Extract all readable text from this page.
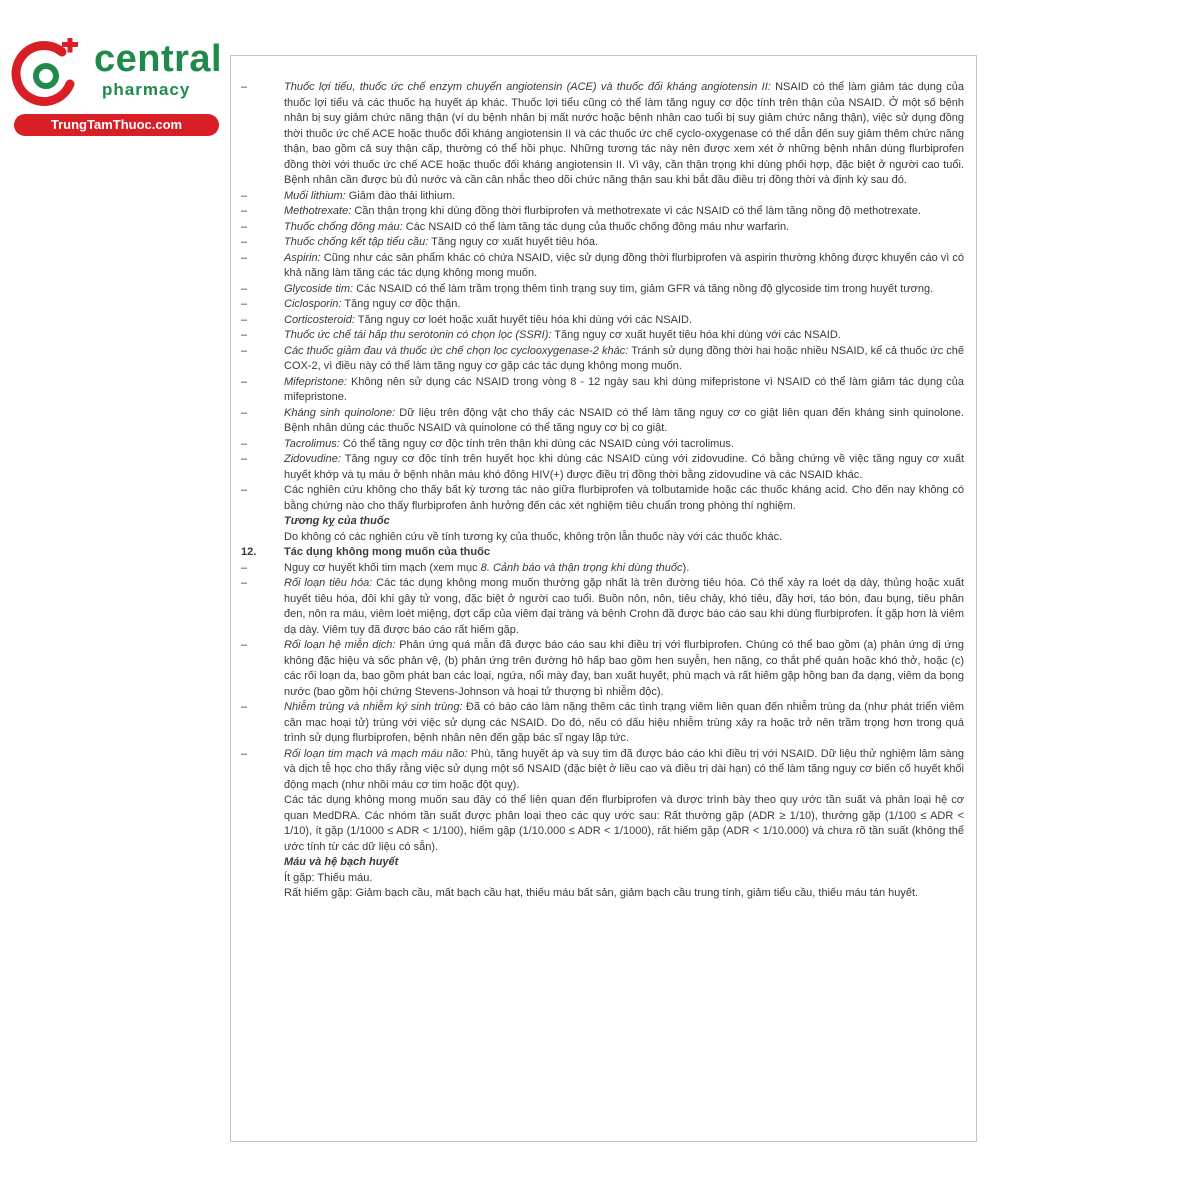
central
pharmacy
TrungTamThuoc.com
–	Thuốc lợi tiểu, thuốc ức chế enzym chuyển angiotensin (ACE) và thuốc đối kháng angiotensin II: NSAID có thể làm giảm tác dụng của thuốc lợi tiểu và các thuốc hạ huyết áp khác. Thuốc lợi tiểu cũng có thể làm tăng nguy cơ độc tính trên thận của NSAID. Ở một số bệnh nhân bị suy giảm chức năng thận (ví dụ bệnh nhân bị mất nước hoặc bệnh nhân cao tuổi bị suy giảm chức năng thận), việc sử dụng đồng thời thuốc ức chế ACE hoặc thuốc đối kháng angiotensin II và các thuốc ức chế cyclo-oxygenase có thể dẫn đến suy giảm thêm chức năng thận, bao gồm cả suy thận cấp, thường có thể hồi phục. Những tương tác này nên được xem xét ở những bệnh nhân dùng flurbiprofen đồng thời với thuốc ức chế ACE hoặc thuốc đối kháng angiotensin II. Vì vậy, cần thận trọng khi dùng phối hợp, đặc biệt ở người cao tuổi. Bệnh nhân cần được bù đủ nước và cần cân nhắc theo dõi chức năng thận sau khi bắt đầu điều trị đồng thời và định kỳ sau đó.
–	Muối lithium: Giảm đào thải lithium.
–	Methotrexate: Cần thận trọng khi dùng đồng thời flurbiprofen và methotrexate vì các NSAID có thể làm tăng nồng độ methotrexate.
–	Thuốc chống đông máu: Các NSAID có thể làm tăng tác dụng của thuốc chống đông máu như warfarin.
–	Thuốc chống kết tập tiểu cầu: Tăng nguy cơ xuất huyết tiêu hóa.
–	Aspirin: Cũng như các sản phẩm khác có chứa NSAID, việc sử dụng đồng thời flurbiprofen và aspirin thường không được khuyến cáo vì có khả năng làm tăng các tác dụng không mong muốn.
–	Glycoside tim: Các NSAID có thể làm trầm trọng thêm tình trạng suy tim, giảm GFR và tăng nồng độ glycoside tim trong huyết tương.
–	Ciclosporin: Tăng nguy cơ độc thận.
–	Corticosteroid: Tăng nguy cơ loét hoặc xuất huyết tiêu hóa khi dùng với các NSAID.
–	Thuốc ức chế tái hấp thu serotonin có chọn lọc (SSRI): Tăng nguy cơ xuất huyết tiêu hóa khi dùng với các NSAID.
–	Các thuốc giảm đau và thuốc ức chế chọn lọc cyclooxygenase-2 khác: Tránh sử dụng đồng thời hai hoặc nhiều NSAID, kể cả thuốc ức chế COX-2, vì điều này có thể làm tăng nguy cơ gặp các tác dụng không mong muốn.
–	Mifepristone: Không nên sử dụng các NSAID trong vòng 8 - 12 ngày sau khi dùng mifepristone vì NSAID có thể làm giảm tác dụng của mifepristone.
–	Kháng sinh quinolone: Dữ liệu trên động vật cho thấy các NSAID có thể làm tăng nguy cơ co giật liên quan đến kháng sinh quinolone. Bệnh nhân dùng các thuốc NSAID và quinolone có thể tăng nguy cơ bị co giật.
–	Tacrolimus: Có thể tăng nguy cơ độc tính trên thận khi dùng các NSAID cùng với tacrolimus.
–	Zidovudine: Tăng nguy cơ độc tính trên huyết học khi dùng các NSAID cùng với zidovudine. Có bằng chứng về việc tăng nguy cơ xuất huyết khớp và tụ máu ở bệnh nhân máu khó đông HIV(+) được điều trị đồng thời bằng zidovudine và các NSAID khác.
–	Các nghiên cứu không cho thấy bất kỳ tương tác nào giữa flurbiprofen và tolbutamide hoặc các thuốc kháng acid. Cho đến nay không có bằng chứng nào cho thấy flurbiprofen ảnh hưởng đến các xét nghiệm tiêu chuẩn trong phòng thí nghiệm.
Tương kỵ của thuốc
Do không có các nghiên cứu về tính tương kỵ của thuốc, không trộn lẫn thuốc này với các thuốc khác.
12.	Tác dụng không mong muốn của thuốc
–	Nguy cơ huyết khối tim mạch (xem mục 8. Cảnh báo và thận trọng khi dùng thuốc).
–	Rối loạn tiêu hóa: Các tác dụng không mong muốn thường gặp nhất là trên đường tiêu hóa. Có thể xảy ra loét dạ dày, thủng hoặc xuất huyết tiêu hóa, đôi khi gây tử vong, đặc biệt ở người cao tuổi. Buồn nôn, nôn, tiêu chảy, khó tiêu, đầy hơi, táo bón, đau bụng, tiêu phân đen, nôn ra máu, viêm loét miệng, đợt cấp của viêm đại tràng và bệnh Crohn đã được báo cáo sau khi dùng flurbiprofen. Ít gặp hơn là viêm dạ dày. Viêm tụy đã được báo cáo rất hiếm gặp.
–	Rối loạn hệ miễn dịch: Phản ứng quá mẫn đã được báo cáo sau khi điều trị với flurbiprofen. Chúng có thể bao gồm (a) phản ứng dị ứng không đặc hiệu và sốc phản vệ, (b) phản ứng trên đường hô hấp bao gồm hen suyễn, hen nặng, co thắt phế quản hoặc khó thở, hoặc (c) các rối loạn da, bao gồm phát ban các loại, ngứa, nổi mày đay, ban xuất huyết, phù mạch và rất hiếm gặp hồng ban đa dạng, viêm da bọng nước (bao gồm hội chứng Stevens-Johnson và hoại tử thượng bì nhiễm độc).
–	Nhiễm trùng và nhiễm ký sinh trùng: Đã có báo cáo làm nặng thêm các tình trạng viêm liên quan đến nhiễm trùng da (như phát triển viêm cân mạc hoại tử) trùng với việc sử dụng các NSAID. Do đó, nếu có dấu hiệu nhiễm trùng xảy ra hoặc trở nên trầm trọng hơn trong quá trình sử dụng flurbiprofen, bệnh nhân nên đến gặp bác sĩ ngay lập tức.
–	Rối loạn tim mạch và mạch máu não: Phù, tăng huyết áp và suy tim đã được báo cáo khi điều trị với NSAID. Dữ liệu thử nghiệm lâm sàng và dịch tễ học cho thấy rằng việc sử dụng một số NSAID (đặc biệt ở liều cao và điều trị dài hạn) có thể làm tăng nguy cơ biến cố huyết khối động mạch (như nhồi máu cơ tim hoặc đột quỵ).
Các tác dụng không mong muốn sau đây có thể liên quan đến flurbiprofen và được trình bày theo quy ước tần suất và phân loại hệ cơ quan MedDRA. Các nhóm tần suất được phân loại theo các quy ước sau: Rất thường gặp (ADR ≥ 1/10), thường gặp (1/100 ≤ ADR < 1/10), ít gặp (1/1000 ≤ ADR < 1/100), hiếm gặp (1/10.000 ≤ ADR < 1/1000), rất hiếm gặp (ADR < 1/10.000) và chưa rõ tần suất (không thể ước tính từ các dữ liệu có sẵn).
Máu và hệ bạch huyết
Ít gặp: Thiếu máu.
Rất hiếm gặp: Giảm bạch cầu, mất bạch cầu hạt, thiếu máu bất sản, giảm bạch cầu trung tính, giảm tiểu cầu, thiếu máu tán huyết.
